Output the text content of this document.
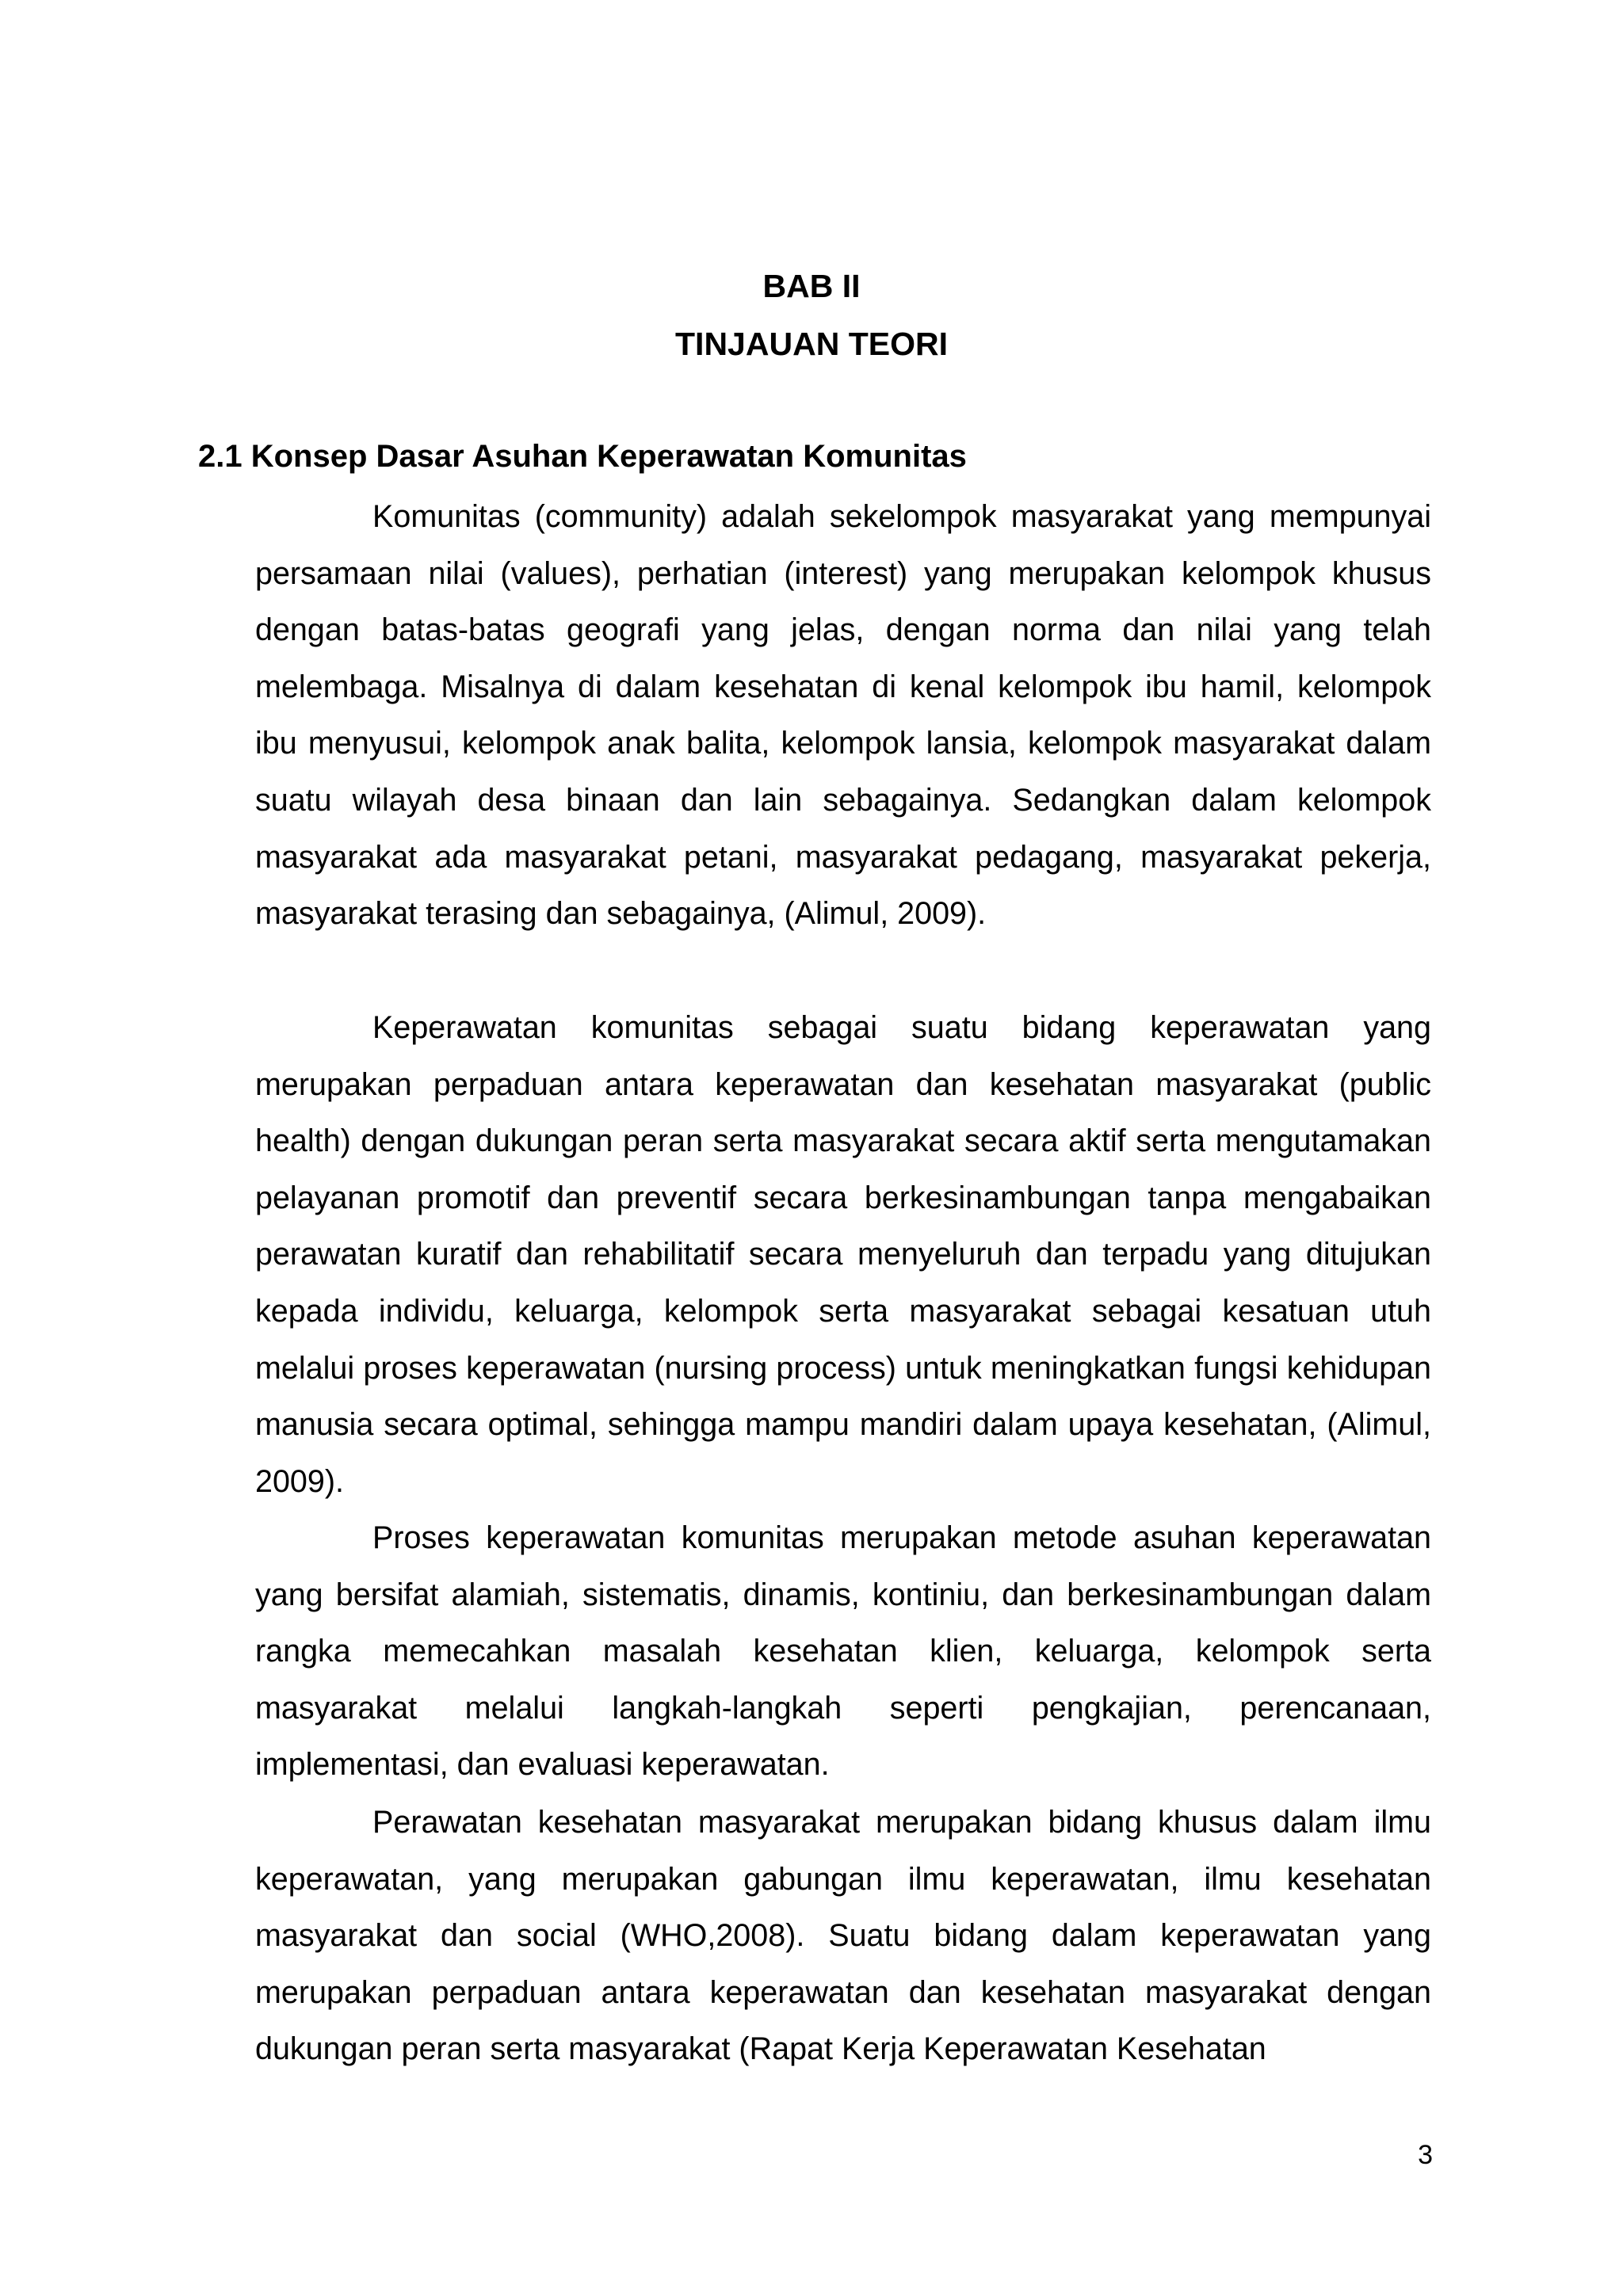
BAB II
TINJAUAN TEORI
2.1 Konsep Dasar Asuhan Keperawatan Komunitas

Komunitas (community) adalah sekelompok masyarakat yang mempunyai persamaan nilai (values), perhatian (interest) yang merupakan kelompok khusus dengan batas-batas geografi yang jelas, dengan norma dan nilai yang telah melembaga. Misalnya di dalam kesehatan di kenal kelompok ibu hamil, kelompok ibu menyusui, kelompok anak balita, kelompok lansia, kelompok masyarakat dalam suatu wilayah desa binaan dan lain sebagainya. Sedangkan dalam kelompok masyarakat ada masyarakat petani, masyarakat pedagang, masyarakat pekerja, masyarakat terasing dan sebagainya, (Alimul, 2009).

Keperawatan komunitas sebagai suatu bidang keperawatan yang merupakan perpaduan antara keperawatan dan kesehatan masyarakat (public health) dengan dukungan peran serta masyarakat secara aktif serta mengutamakan pelayanan promotif dan preventif secara berkesinambungan tanpa mengabaikan perawatan kuratif dan rehabilitatif secara menyeluruh dan terpadu yang ditujukan kepada individu, keluarga, kelompok serta masyarakat sebagai kesatuan utuh melalui proses keperawatan (nursing process) untuk meningkatkan fungsi kehidupan manusia secara optimal, sehingga mampu mandiri dalam upaya kesehatan, (Alimul, 2009).

Proses keperawatan komunitas merupakan metode asuhan keperawatan yang bersifat alamiah, sistematis, dinamis, kontiniu, dan berkesinambungan dalam rangka memecahkan masalah kesehatan klien, keluarga, kelompok serta masyarakat melalui langkah-langkah seperti pengkajian, perencanaan, implementasi, dan evaluasi keperawatan.

Perawatan kesehatan masyarakat merupakan bidang khusus dalam ilmu keperawatan, yang merupakan gabungan ilmu keperawatan, ilmu kesehatan masyarakat dan social (WHO,2008). Suatu bidang dalam keperawatan yang merupakan perpaduan antara keperawatan dan kesehatan masyarakat dengan dukungan peran serta masyarakat (Rapat Kerja Keperawatan Kesehatan

3
